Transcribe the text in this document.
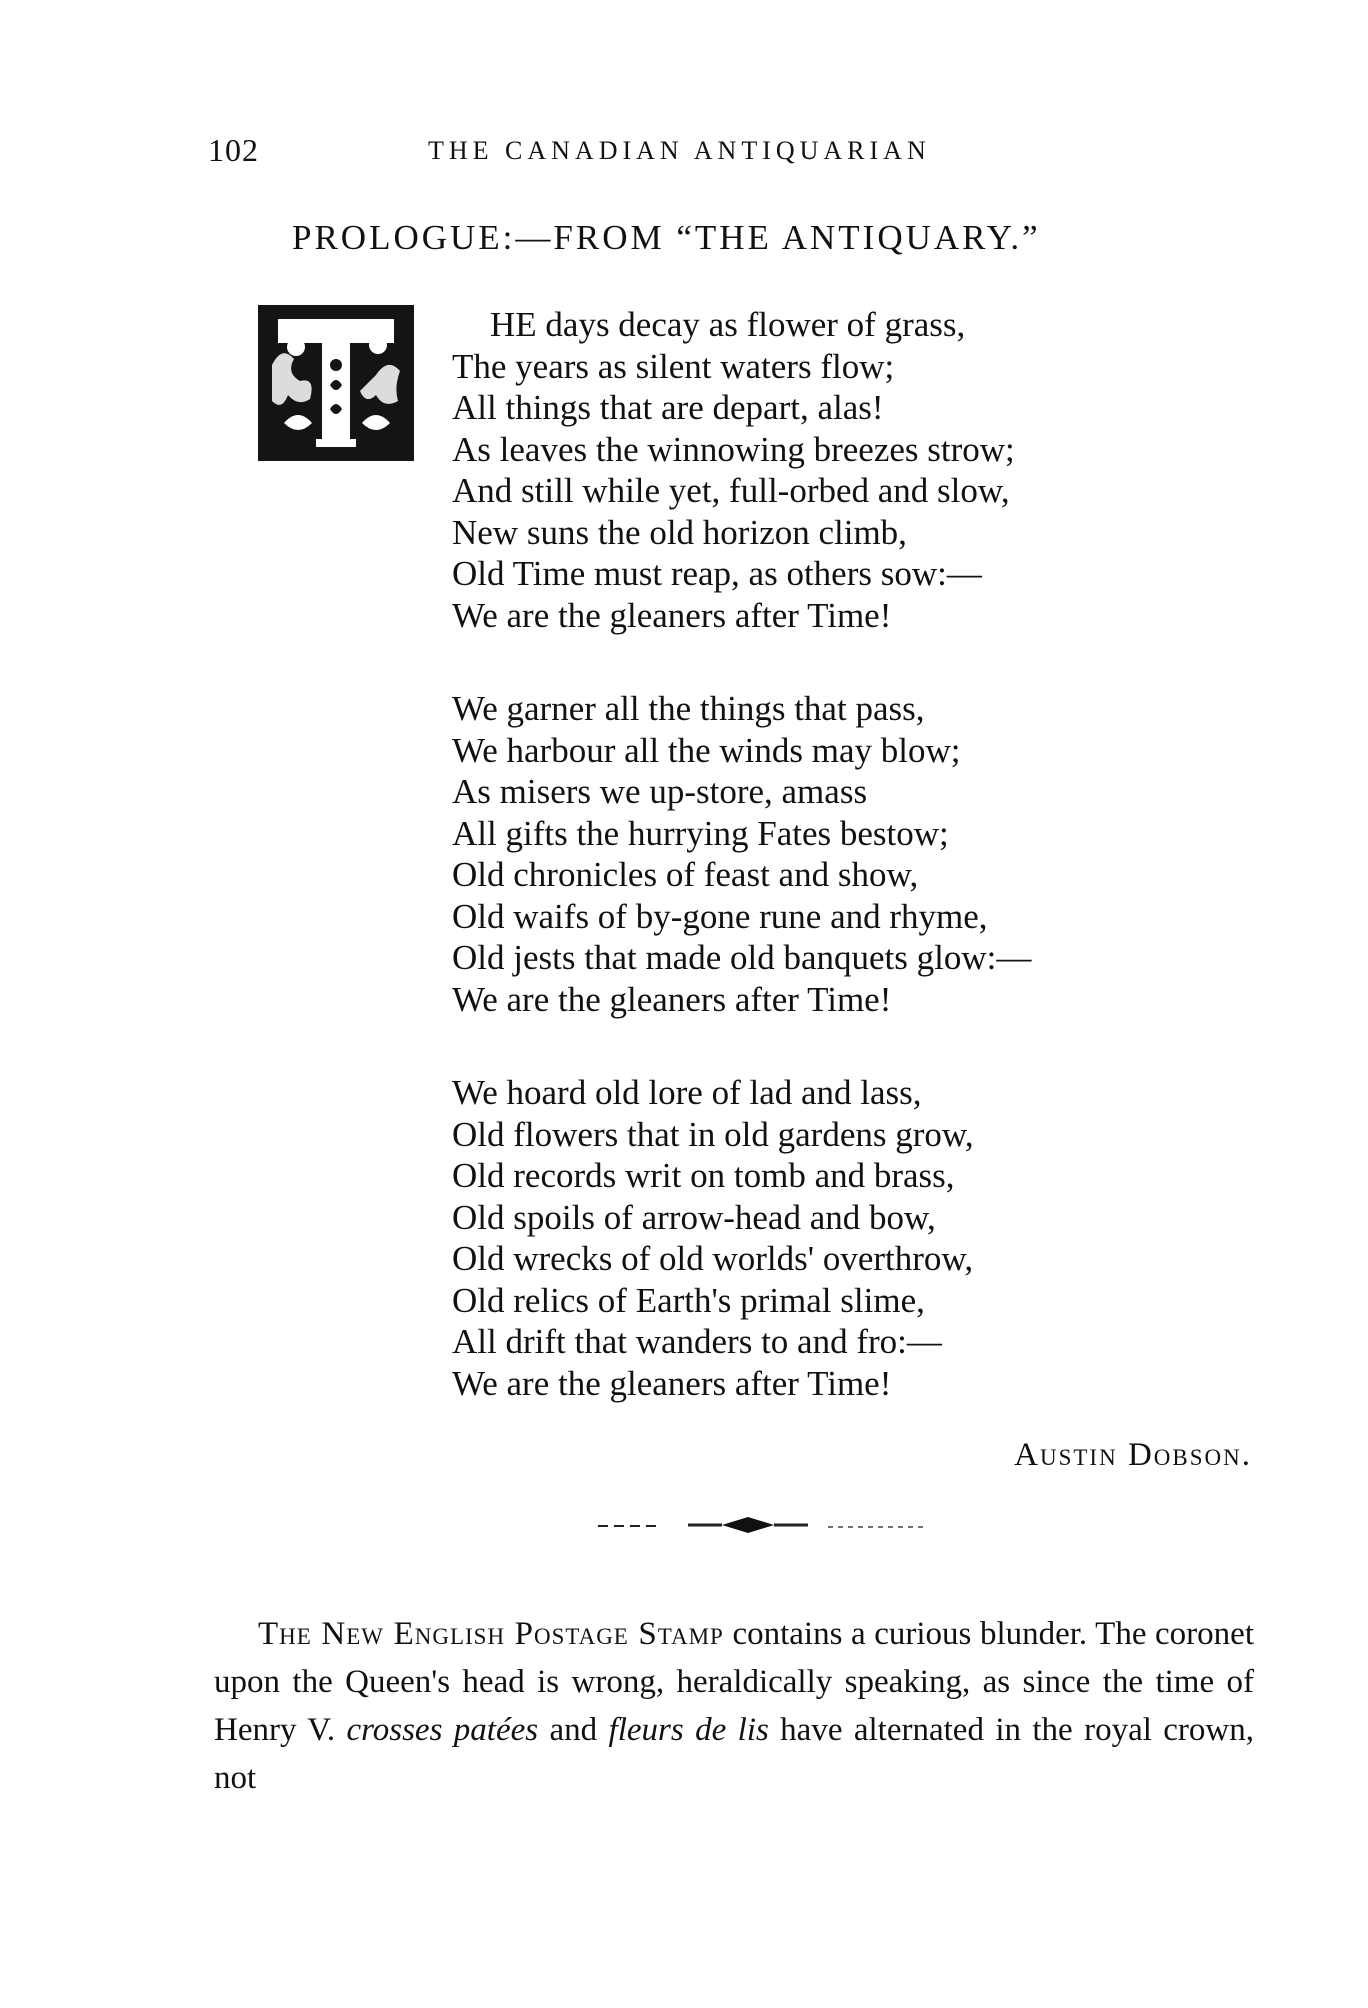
102	THE CANADIAN ANTIQUARIAN
PROLOGUE:—FROM “THE ANTIQUARY.”
HE days decay as flower of grass,
The years as silent waters flow;
All things that are depart, alas!
As leaves the winnowing breezes strow;
And still while yet, full-orbed and slow,
New suns the old horizon climb,
Old Time must reap, as others sow:—
We are the gleaners after Time!
We garner all the things that pass,
We harbour all the winds may blow;
As misers we up-store, amass
All gifts the hurrying Fates bestow;
Old chronicles of feast and show,
Old waifs of by-gone rune and rhyme,
Old jests that made old banquets glow:—
We are the gleaners after Time!
We hoard old lore of lad and lass,
Old flowers that in old gardens grow,
Old records writ on tomb and brass,
Old spoils of arrow-head and bow,
Old wrecks of old worlds' overthrow,
Old relics of Earth's primal slime,
All drift that wanders to and fro:—
We are the gleaners after Time!
Austin Dobson.

The New English Postage Stamp contains a curious blunder. The coronet upon the Queen's head is wrong, heraldically speaking, as since the time of Henry V. crosses patées and fleurs de lis have alternated in the royal crown, not
